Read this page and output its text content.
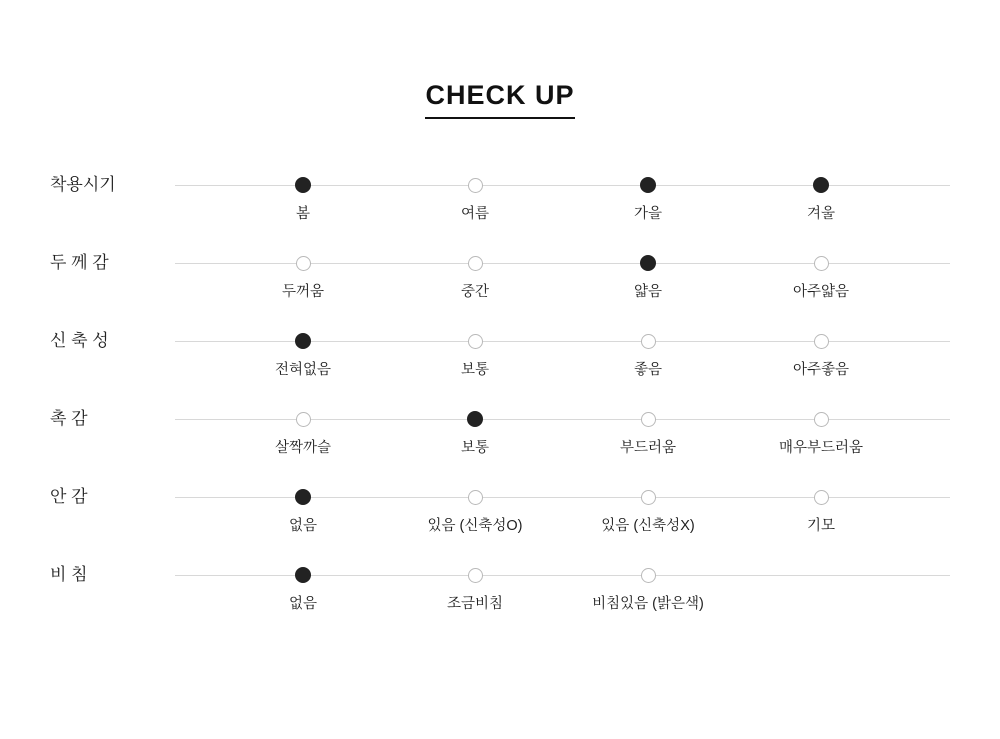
CHECK UP
착용시기
봄	여름	가을	겨울
두 께 감
두꺼움	중간	얇음	아주얇음
신 축 성
전혀없음	보통	좋음	아주좋음
촉 감
살짝까슬	보통	부드러움	매우부드러움
안 감
없음	있음 (신축성O)	있음 (신축성X)	기모
비 침
없음	조금비침	비침있음 (밝은색)
